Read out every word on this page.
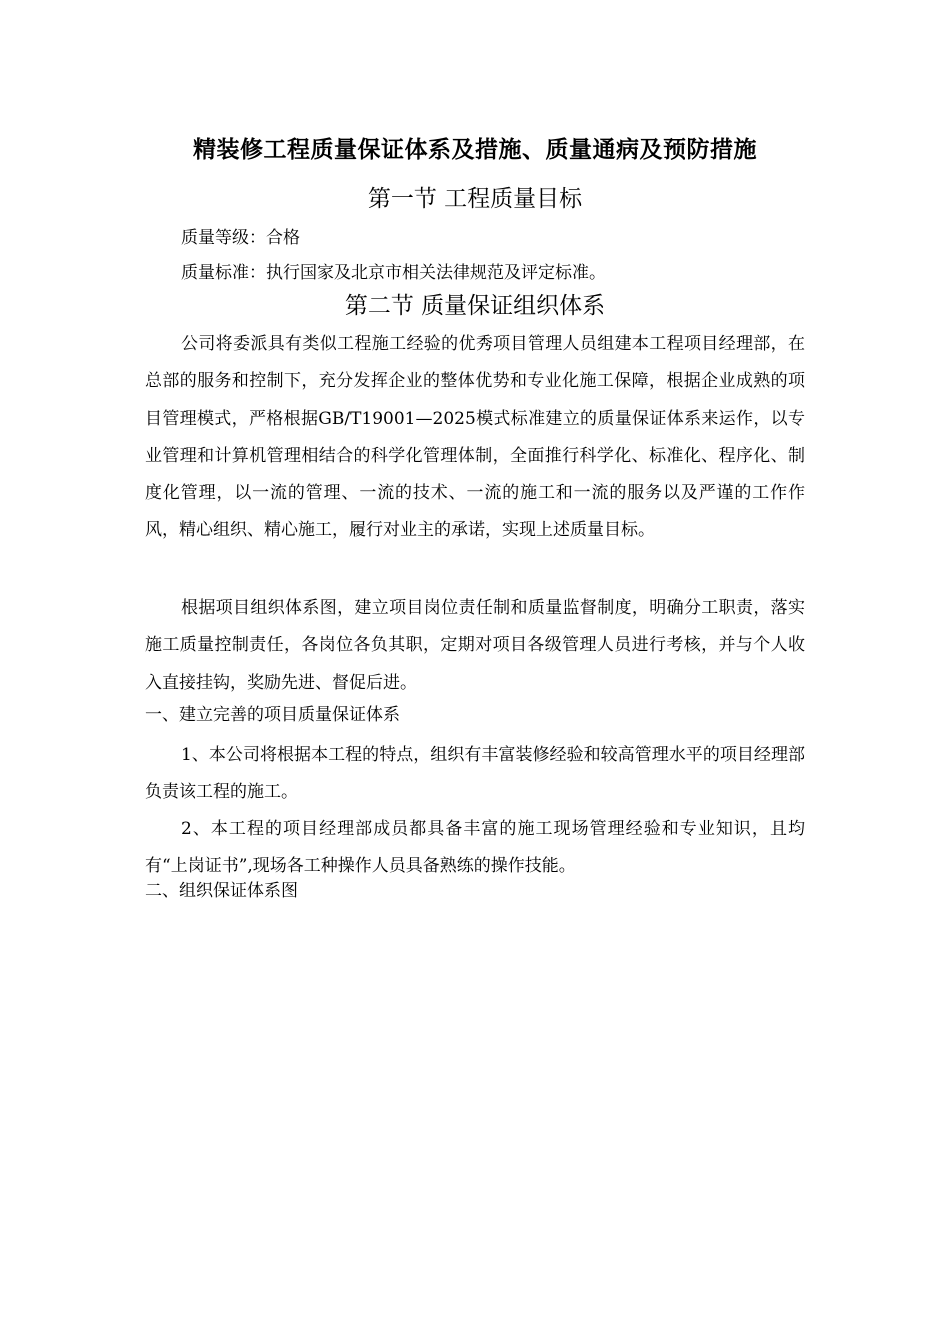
精装修工程质量保证体系及措施、质量通病及预防措施
第一节 工程质量目标
质量等级：合格
质量标准：执行国家及北京市相关法律规范及评定标准。
第二节 质量保证组织体系
公司将委派具有类似工程施工经验的优秀项目管理人员组建本工程项目经理部，在总部的服务和控制下，充分发挥企业的整体优势和专业化施工保障，根据企业成熟的项目管理模式，严格根据GB/T19001—2025模式标准建立的质量保证体系来运作，以专业管理和计算机管理相结合的科学化管理体制，全面推行科学化、标准化、程序化、制度化管理，以一流的管理、一流的技术、一流的施工和一流的服务以及严谨的工作作风，精心组织、精心施工，履行对业主的承诺，实现上述质量目标。
根据项目组织体系图，建立项目岗位责任制和质量监督制度，明确分工职责，落实施工质量控制责任，各岗位各负其职，定期对项目各级管理人员进行考核，并与个人收入直接挂钩，奖励先进、督促后进。
一、建立完善的项目质量保证体系
1、本公司将根据本工程的特点，组织有丰富装修经验和较高管理水平的项目经理部负责该工程的施工。
2、本工程的项目经理部成员都具备丰富的施工现场管理经验和专业知识，且均有“上岗证书”,现场各工种操作人员具备熟练的操作技能。
二、组织保证体系图
